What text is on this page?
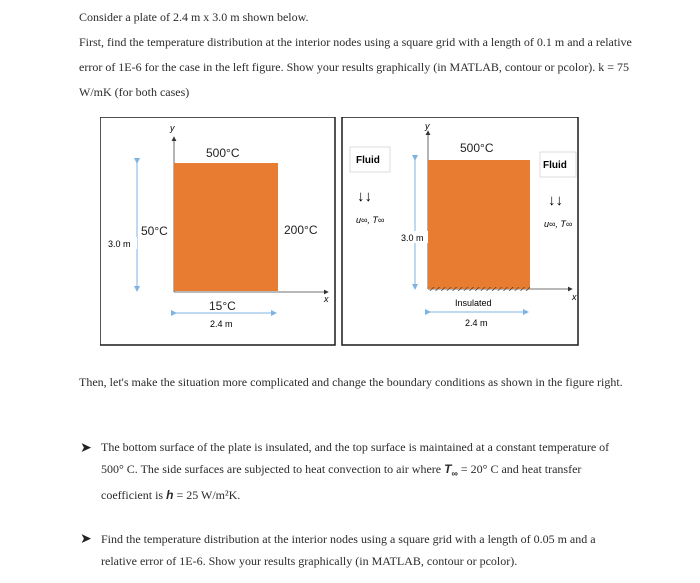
Consider a plate of 2.4 m x 3.0 m shown below.

First, find the temperature distribution at the interior nodes using a square grid with a length of 0.1 m and a relative error of 1E-6 for the case in the left figure. Show your results graphically (in MATLAB, contour or pcolor). k = 75 W/mK (for both cases)

y
x
500°C
50°C	200°C
15°C
3.0 m
2.4 m
y
x
500°C
Fluid
↓↓
u∞, T∞
Fluid
↓↓
u∞, T∞
3.0 m
Insulated
2.4 m

Then, let's make the situation more complicated and change the boundary conditions as shown in the figure right.

➤ The bottom surface of the plate is insulated, and the top surface is maintained at a constant temperature of 500° C. The side surfaces are subjected to heat convection to air where $T_\infty = 20^\circ$ C and heat transfer coefficient is h = 25 W/m²K.

➤ Find the temperature distribution at the interior nodes using a square grid with a length of 0.05 m and a relative error of 1E-6. Show your results graphically (in MATLAB, contour or pcolor).
